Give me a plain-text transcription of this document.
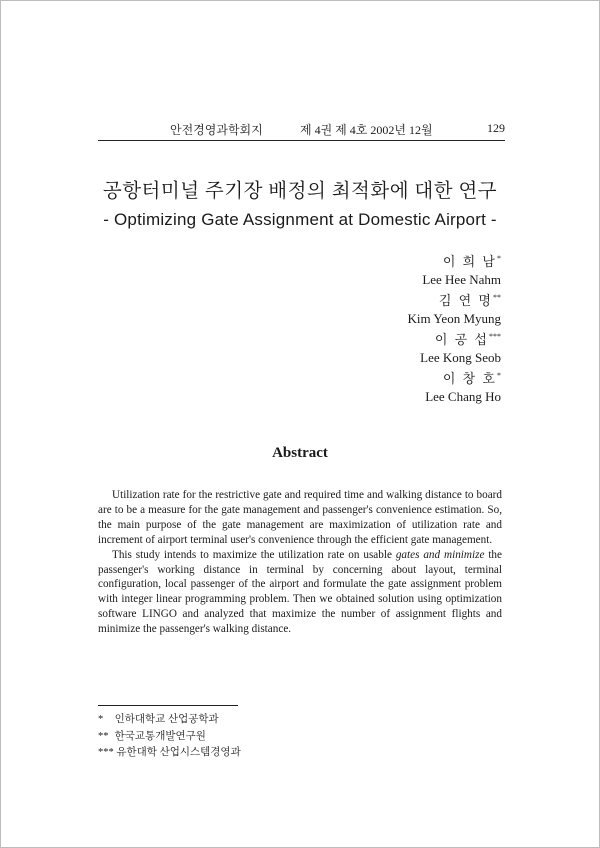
안전경영과학회지	제 4권 제 4호 2002년 12월	129
공항터미널 주기장 배정의 최적화에 대한 연구
- Optimizing Gate Assignment at Domestic Airport -
이 희 남*
Lee Hee Nahm
김 연 명**
Kim Yeon Myung
이 공 섭***
Lee Kong Seob
이 창 호*
Lee Chang Ho
Abstract

Utilization rate for the restrictive gate and required time and walking distance to board are to be a measure for the gate management and passenger's convenience estimation. So, the main purpose of the gate management are maximization of utilization rate and increment of airport terminal user's convenience through the efficient gate management.

This study intends to maximize the utilization rate on usable gates and minimize the passenger's working distance in terminal by concerning about layout, terminal configuration, local passenger of the airport and formulate the gate assignment problem with integer linear programming problem. Then we obtained solution using optimization software LINGO and analyzed that maximize the number of assignment flights and minimize the passenger's walking distance.

* 인하대학교 산업공학과
** 한국교통개발연구원
*** 유한대학 산업시스템경영과
